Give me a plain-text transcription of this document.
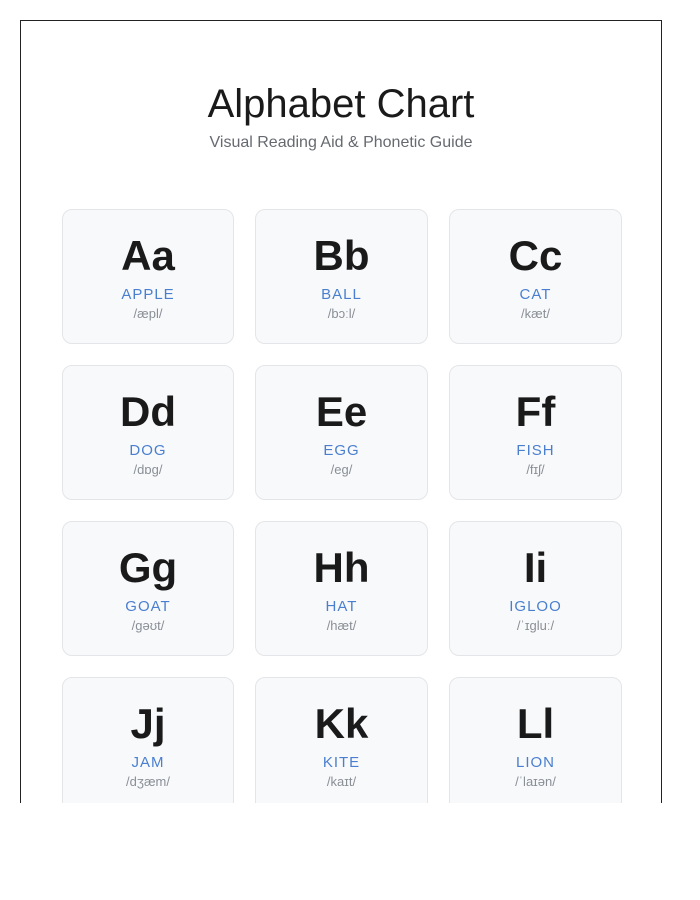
Alphabet Chart

Visual Reading Aid & Phonetic Guide

Aa
APPLE
/æpl/
Bb
BALL
/bɔːl/
Cc
CAT
/kæt/
Dd
DOG
/dɒg/
Ee
EGG
/eg/
Ff
FISH
/fɪʃ/
Gg
GOAT
/gəʊt/
Hh
HAT
/hæt/
Ii
IGLOO
/ˈɪgluː/
Jj
JAM
/dʒæm/
Kk
KITE
/kaɪt/
Ll
LION
/ˈlaɪən/
